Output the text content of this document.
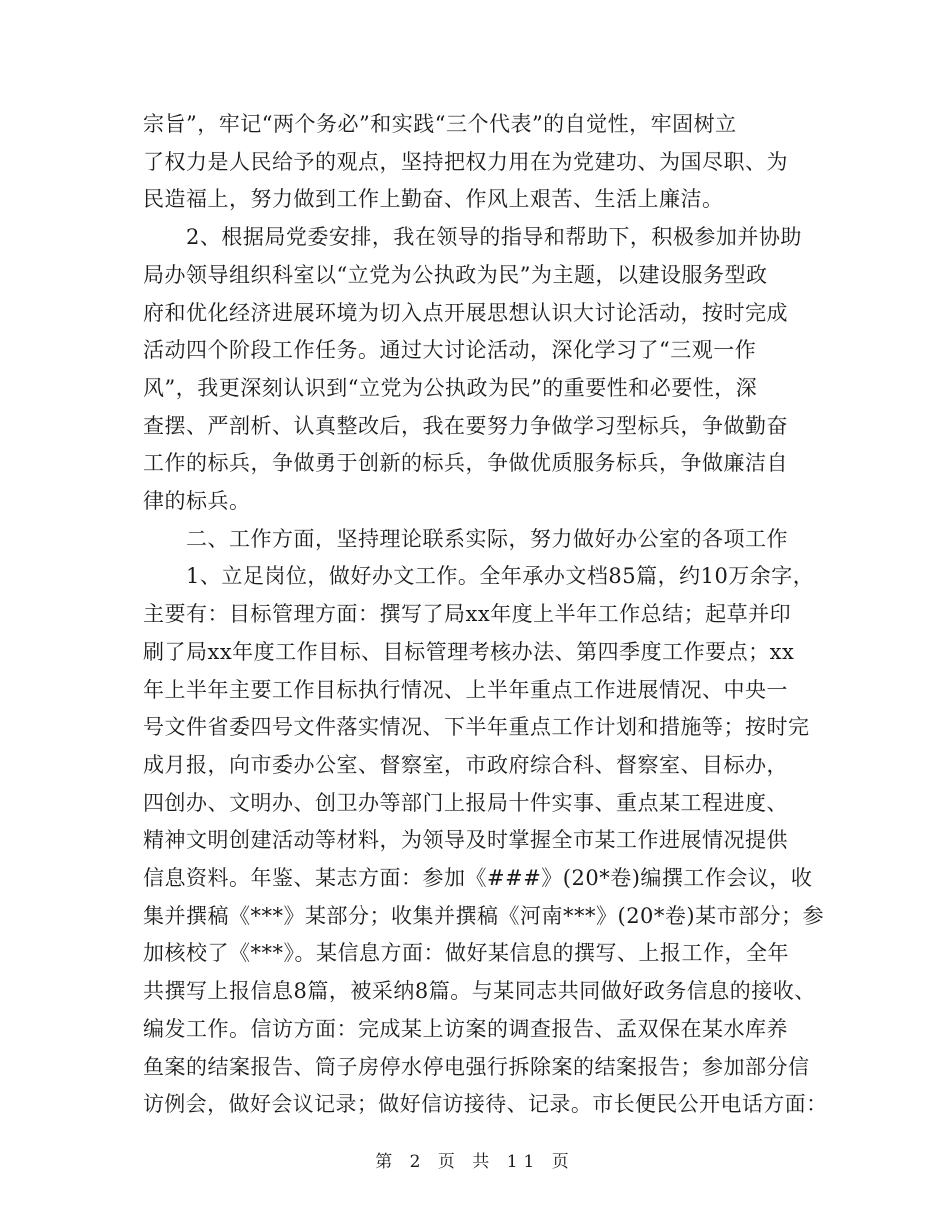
宗旨”，牢记“两个务必”和实践“三个代表”的自觉性，牢固树立
了权力是人民给予的观点，坚持把权力用在为党建功、为国尽职、为
民造福上，努力做到工作上勤奋、作风上艰苦、生活上廉洁。
2、根据局党委安排，我在领导的指导和帮助下，积极参加并协助
局办领导组织科室以“立党为公执政为民”为主题，以建设服务型政
府和优化经济进展环境为切入点开展思想认识大讨论活动，按时完成
活动四个阶段工作任务。通过大讨论活动，深化学习了“三观一作
风”，我更深刻认识到“立党为公执政为民”的重要性和必要性，深
查摆、严剖析、认真整改后，我在要努力争做学习型标兵，争做勤奋
工作的标兵，争做勇于创新的标兵，争做优质服务标兵，争做廉洁自
律的标兵。
二、工作方面，坚持理论联系实际，努力做好办公室的各项工作
1、立足岗位，做好办文工作。全年承办文档85篇，约10万余字，
主要有：目标管理方面：撰写了局xx年度上半年工作总结；起草并印
刷了局xx年度工作目标、目标管理考核办法、第四季度工作要点；xx
年上半年主要工作目标执行情况、上半年重点工作进展情况、中央一
号文件省委四号文件落实情况、下半年重点工作计划和措施等；按时完
成月报，向市委办公室、督察室，市政府综合科、督察室、目标办，
四创办、文明办、创卫办等部门上报局十件实事、重点某工程进度、
精神文明创建活动等材料，为领导及时掌握全市某工作进展情况提供
信息资料。年鉴、某志方面：参加《###》(20*卷)编撰工作会议，收
集并撰稿《***》某部分；收集并撰稿《河南***》(20*卷)某市部分；参
加核校了《***》。某信息方面：做好某信息的撰写、上报工作，全年
共撰写上报信息8篇，被采纳8篇。与某同志共同做好政务信息的接收、
编发工作。信访方面：完成某上访案的调查报告、孟双保在某水库养
鱼案的结案报告、筒子房停水停电强行拆除案的结案报告；参加部分信
访例会，做好会议记录；做好信访接待、记录。市长便民公开电话方面：
第 2 页 共 11 页
